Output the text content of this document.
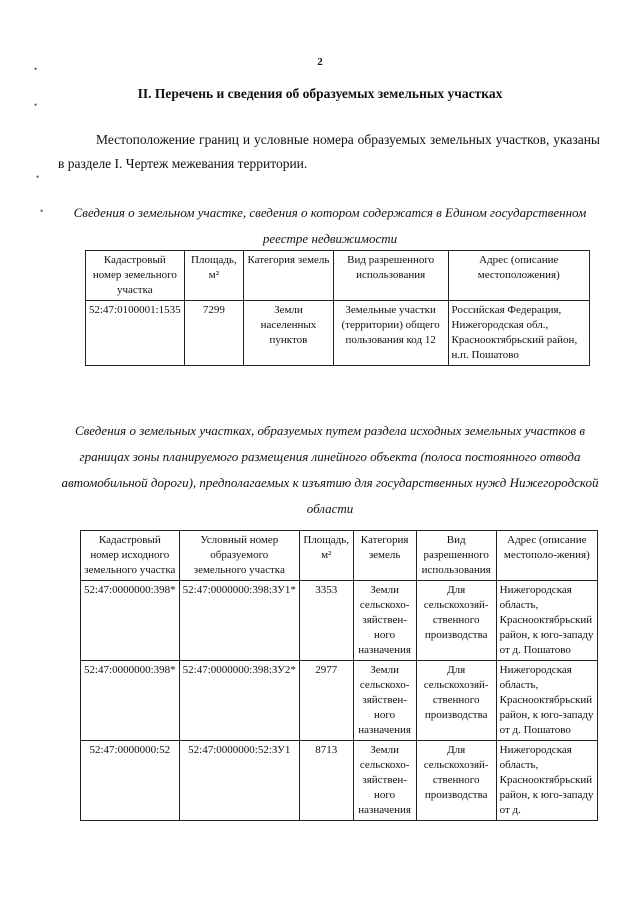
2
II. Перечень и сведения об образуемых земельных участках
Местоположение границ и условные номера образуемых земельных участков, указаны в разделе I. Чертеж межевания территории.
Сведения о земельном участке, сведения о котором содержатся в Едином государственном реестре недвижимости
Кадастровый номер земельного участка	Площадь, м²	Категория земель	Вид разрешенного использования	Адрес (описание местоположения)
52:47:0100001:1535	7299	Земли населенных пунктов	Земельные участки (территории) общего пользования код 12	Российская Федерация, Нижегородская обл., Краснооктябрьский район, н.п. Пошатово
Сведения о земельных участках, образуемых путем раздела исходных земельных участков в границах зоны планируемого размещения линейного объекта (полоса постоянного отвода автомобильной дороги), предполагаемых к изъятию для государственных нужд Нижегородской области
Кадастровый номер исходного земельного участка	Условный номер образуемого земельного участка	Площадь, м²	Категория земель	Вид разрешенного использования	Адрес (описание местополо-жения)
52:47:0000000:398*	52:47:0000000:398:ЗУ1*	3353	Земли сельскохо-зяйствен-ного назначения	Для сельскохозяй-ственного производства	Нижегородская область, Краснооктябрьский район, к юго-западу от д. Пошатово
52:47:0000000:398*	52:47:0000000:398:ЗУ2*	2977	Земли сельскохо-зяйствен-ного назначения	Для сельскохозяй-ственного производства	Нижегородская область, Краснооктябрьский район, к юго-западу от д. Пошатово
52:47:0000000:52	52:47:0000000:52:ЗУ1	8713	Земли сельскохо-зяйствен-ного назначения	Для сельскохозяй-ственного производства	Нижегородская область, Краснооктябрьский район, к юго-западу от д.
•
•
•
•
